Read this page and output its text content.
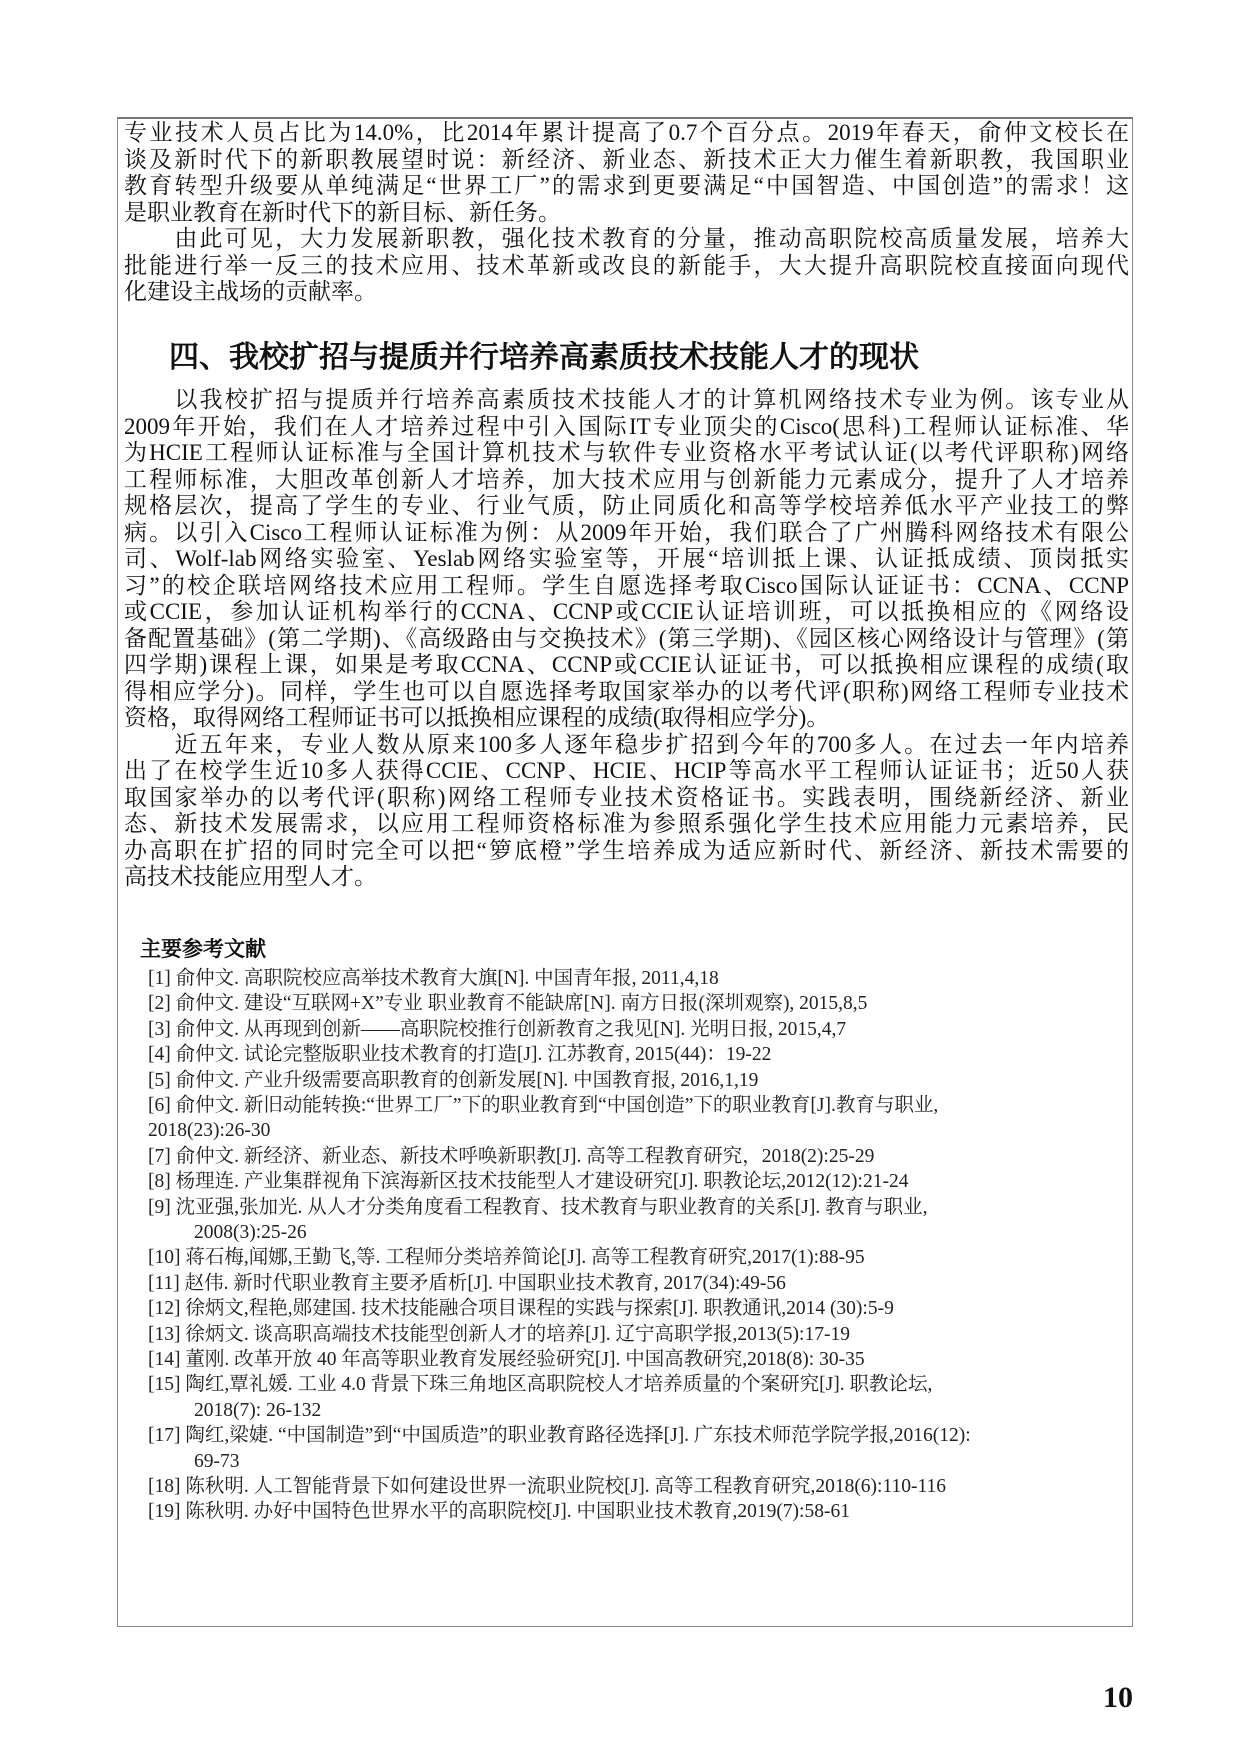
专业技术人员占比为14.0%，比2014年累计提高了0.7个百分点。2019年春天，俞仲文校长在
谈及新时代下的新职教展望时说：新经济、新业态、新技术正大力催生着新职教，我国职业
教育转型升级要从单纯满足“世界工厂”的需求到更要满足“中国智造、中国创造”的需求！这
是职业教育在新时代下的新目标、新任务。
　　由此可见，大力发展新职教，强化技术教育的分量，推动高职院校高质量发展，培养大
批能进行举一反三的技术应用、技术革新或改良的新能手，大大提升高职院校直接面向现代
化建设主战场的贡献率。
四、我校扩招与提质并行培养高素质技术技能人才的现状
　　以我校扩招与提质并行培养高素质技术技能人才的计算机网络技术专业为例。该专业从
2009年开始，我们在人才培养过程中引入国际IT专业顶尖的Cisco(思科)工程师认证标准、华
为HCIE工程师认证标准与全国计算机技术与软件专业资格水平考试认证(以考代评职称)网络
工程师标准，大胆改革创新人才培养，加大技术应用与创新能力元素成分，提升了人才培养
规格层次，提高了学生的专业、行业气质，防止同质化和高等学校培养低水平产业技工的弊
病。以引入Cisco工程师认证标准为例：从2009年开始，我们联合了广州腾科网络技术有限公
司、Wolf-lab网络实验室、Yeslab网络实验室等，开展“培训抵上课、认证抵成绩、顶岗抵实
习”的校企联培网络技术应用工程师。学生自愿选择考取Cisco国际认证证书：CCNA、CCNP
或CCIE，参加认证机构举行的CCNA、CCNP或CCIE认证培训班，可以抵换相应的《网络设
备配置基础》(第二学期)、《高级路由与交换技术》(第三学期)、《园区核心网络设计与管理》(第
四学期)课程上课，如果是考取CCNA、CCNP或CCIE认证证书，可以抵换相应课程的成绩(取
得相应学分)。同样，学生也可以自愿选择考取国家举办的以考代评(职称)网络工程师专业技术
资格，取得网络工程师证书可以抵换相应课程的成绩(取得相应学分)。
　　近五年来，专业人数从原来100多人逐年稳步扩招到今年的700多人。在过去一年内培养
出了在校学生近10多人获得CCIE、CCNP、HCIE、HCIP等高水平工程师认证证书；近50人获
取国家举办的以考代评(职称)网络工程师专业技术资格证书。实践表明，围绕新经济、新业
态、新技术发展需求，以应用工程师资格标准为参照系强化学生技术应用能力元素培养，民
办高职在扩招的同时完全可以把“箩底橙”学生培养成为适应新时代、新经济、新技术需要的
高技术技能应用型人才。
主要参考文献
[1] 俞仲文. 高职院校应高举技术教育大旗[N]. 中国青年报, 2011,4,18
[2] 俞仲文. 建设“互联网+X”专业 职业教育不能缺席[N]. 南方日报(深圳观察), 2015,8,5
[3] 俞仲文. 从再现到创新——高职院校推行创新教育之我见[N]. 光明日报, 2015,4,7
[4] 俞仲文. 试论完整版职业技术教育的打造[J]. 江苏教育, 2015(44)：19-22
[5] 俞仲文. 产业升级需要高职教育的创新发展[N]. 中国教育报, 2016,1,19
[6] 俞仲文. 新旧动能转换:“世界工厂”下的职业教育到“中国创造”下的职业教育[J].教育与职业,
2018(23):26-30
[7] 俞仲文. 新经济、新业态、新技术呼唤新职教[J]. 高等工程教育研究，2018(2):25-29
[8] 杨理连. 产业集群视角下滨海新区技术技能型人才建设研究[J]. 职教论坛,2012(12):21-24
[9] 沈亚强,张加光. 从人才分类角度看工程教育、技术教育与职业教育的关系[J]. 教育与职业,
2008(3):25-26
[10] 蒋石梅,闻娜,王勤飞,等. 工程师分类培养简论[J]. 高等工程教育研究,2017(1):88-95
[11] 赵伟. 新时代职业教育主要矛盾析[J]. 中国职业技术教育, 2017(34):49-56
[12] 徐炳文,程艳,郧建国. 技术技能融合项目课程的实践与探索[J]. 职教通讯,2014 (30):5-9
[13] 徐炳文. 谈高职高端技术技能型创新人才的培养[J]. 辽宁高职学报,2013(5):17-19
[14] 董刚. 改革开放 40 年高等职业教育发展经验研究[J]. 中国高教研究,2018(8): 30-35
[15] 陶红,覃礼媛. 工业 4.0 背景下珠三角地区高职院校人才培养质量的个案研究[J]. 职教论坛,
2018(7): 26-132
[17] 陶红,梁婕. “中国制造”到“中国质造”的职业教育路径选择[J]. 广东技术师范学院学报,2016(12):
69-73
[18] 陈秋明. 人工智能背景下如何建设世界一流职业院校[J]. 高等工程教育研究,2018(6):110-116
[19] 陈秋明. 办好中国特色世界水平的高职院校[J]. 中国职业技术教育,2019(7):58-61
10
